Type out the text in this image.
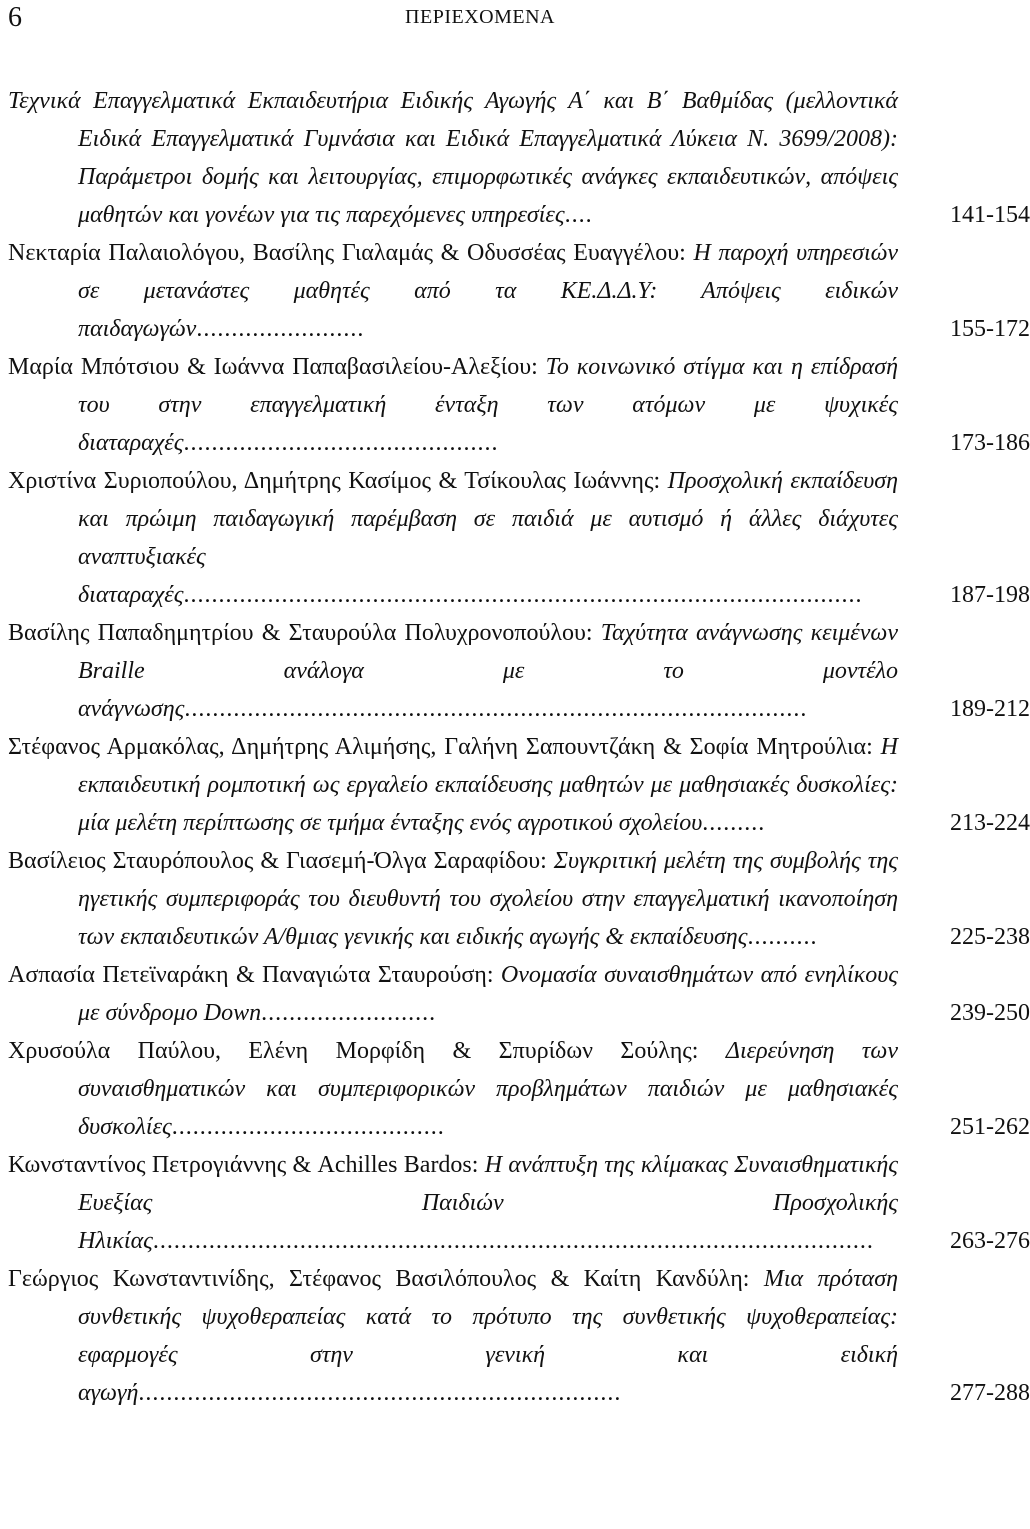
6	ΠΕΡΙΕΧΟΜΕΝΑ
Τεχνικά Επαγγελματικά Εκπαιδευτήρια Ειδικής Αγωγής Α΄ και Β΄ Βαθμίδας (μελλοντικά Ειδικά Επαγγελματικά Γυμνάσια και Ειδικά Επαγγελματικά Λύκεια Ν. 3699/2008): Παράμετροι δομής και λειτουργίας, επιμορφωτικές ανάγκες εκπαιδευτικών, απόψεις μαθητών και γονέων για τις παρεχόμενες υπηρεσίες....	141-154
Νεκταρία Παλαιολόγου, Βασίλης Γιαλαμάς & Οδυσσέας Ευαγγέλου: Η παροχή υπηρεσιών σε μετανάστες μαθητές από τα ΚΕ.Δ.Δ.Υ: Απόψεις ειδικών παιδαγωγών........................	155-172
Μαρία Μπότσιου & Ιωάννα Παπαβασιλείου-Αλεξίου: Το κοινωνικό στίγμα και η επίδρασή του στην επαγγελματική ένταξη των ατόμων με ψυχικές διαταραχές.............................................	173-186
Χριστίνα Συριοπούλου, Δημήτρης Κασίμος & Τσίκουλας Ιωάννης: Προσχολική εκπαίδευση και πρώιμη παιδαγωγική παρέμβαση σε παιδιά με αυτισμό ή άλλες διάχυτες αναπτυξιακές διαταραχές.................................................................................................	187-198
Βασίλης Παπαδημητρίου & Σταυρούλα Πολυχρονοπούλου: Ταχύτητα ανάγνωσης κειμένων Braille ανάλογα με το μοντέλο ανάγνωσης.........................................................................................	189-212
Στέφανος Αρμακόλας, Δημήτρης Αλιμήσης, Γαλήνη Σαπουντζάκη & Σοφία Μητρούλια: Η εκπαιδευτική ρομποτική ως εργαλείο εκπαίδευσης μαθητών με μαθησιακές δυσκολίες: μία μελέτη περίπτωσης σε τμήμα ένταξης ενός αγροτικού σχολείου.........	213-224
Βασίλειος Σταυρόπουλος & Γιασεμή-Όλγα Σαραφίδου: Συγκριτική μελέτη της συμβολής της ηγετικής συμπεριφοράς του διευθυντή του σχολείου στην επαγγελματική ικανοποίηση των εκπαιδευτικών Α/θμιας γενικής και ειδικής αγωγής & εκπαίδευσης..........	225-238
Ασπασία Πετεϊναράκη & Παναγιώτα Σταυρούση: Ονομασία συναισθημάτων από ενηλίκους με σύνδρομο Down.........................	239-250
Χρυσούλα Παύλου, Ελένη Μορφίδη & Σπυρίδων Σούλης: Διερεύνηση των συναισθηματικών και συμπεριφορικών προβλημάτων παιδιών με μαθησιακές δυσκολίες.......................................	251-262
Κωνσταντίνος Πετρογιάννης & Achilles Bardos: Η ανάπτυξη της κλίμακας Συναισθηματικής Ευεξίας Παιδιών Προσχολικής Ηλικίας.......................................................................................................	263-276
Γεώργιος Κωνσταντινίδης, Στέφανος Βασιλόπουλος & Καίτη Κανδύλη: Μια πρόταση συνθετικής ψυχοθεραπείας κατά το πρότυπο της συνθετικής ψυχοθεραπείας: εφαρμογές στην γενική και ειδική αγωγή.....................................................................	277-288
